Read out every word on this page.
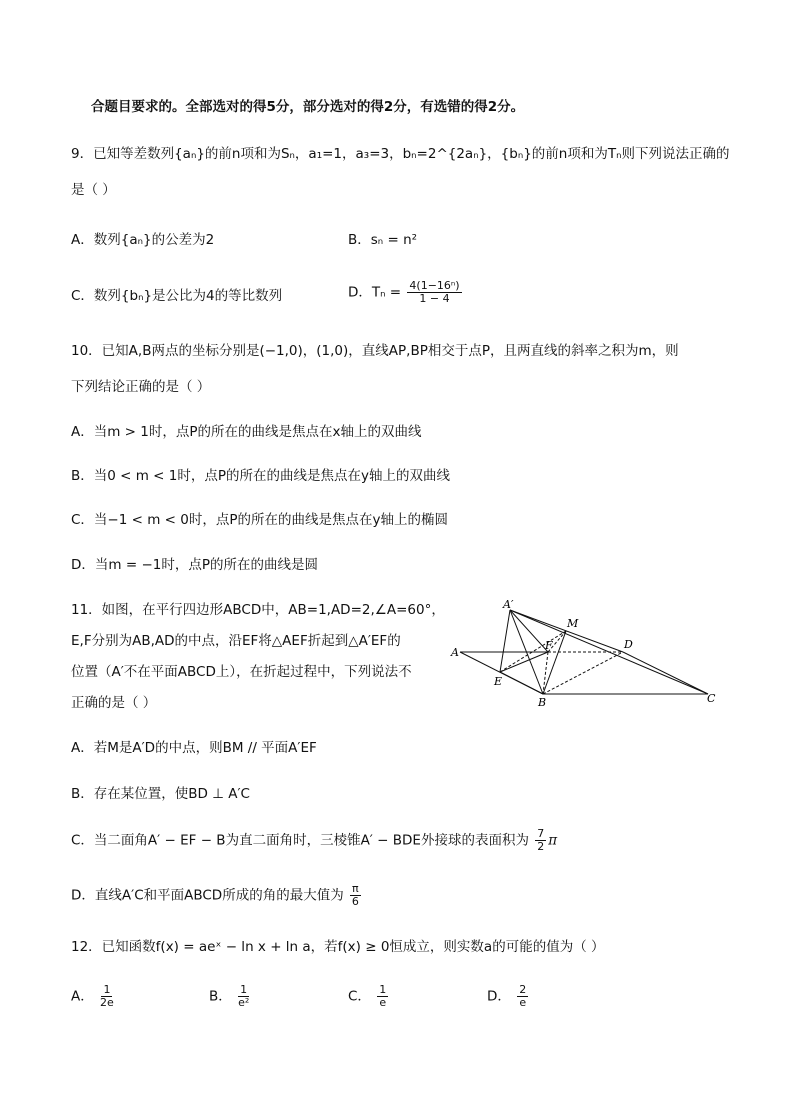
合题目要求的。全部选对的得5分，部分选对的得2分，有选错的得2分。
9．已知等差数列{aₙ}的前n项和为Sₙ，a₁=1，a₃=3，bₙ=2^{2aₙ}，{bₙ}的前n项和为Tₙ则下列说法正确的
是（ ）
A．数列{aₙ}的公差为2	B．sₙ = n²
C．数列{bₙ}是公比为4的等比数列	D．$T_n = \frac{\text{4(1−16ⁿ)}}{1 - 4}$
10．已知A,B两点的坐标分别是(−1,0)，(1,0)，直线AP,BP相交于点P，且两直线的斜率之积为m，则
下列结论正确的是（ ）
A．当m > 1时，点P的所在的曲线是焦点在x轴上的双曲线
B．当0 < m < 1时，点P的所在的曲线是焦点在y轴上的双曲线
C．当−1 < m < 0时，点P的所在的曲线是焦点在y轴上的椭圆
D．当m = −1时，点P的所在的曲线是圆
11．如图，在平行四边形ABCD中，AB=1,AD=2,∠A=60°，
E,F分别为AB,AD的中点，沿EF将△AEF折起到△A′EF的
位置（A′不在平面ABCD上），在折起过程中，下列说法不
正确的是（ ）
A′
M
D
A
F
E
B	C
A．若M是A′D的中点，则BM // 平面A′EF
B．存在某位置，使BD ⊥ A′C
C．当二面角A′ − EF − B为直二面角时，三棱锥A′ − BDE外接球的表面积为 $\frac{7}{2}$ π
D．直线A′C和平面ABCD所成的角的最大值为 $\frac{\pi}{6}$
12．已知函数f(x) = aeˣ − ln x + ln a，若f(x) ≥ 0恒成立，则实数a的可能的值为（ ）
A． $\frac{1}{2e}$	B． $\frac{1}{\text{e²}}$	C． $\frac{1}{e}$	D． $\frac{2}{e}$
